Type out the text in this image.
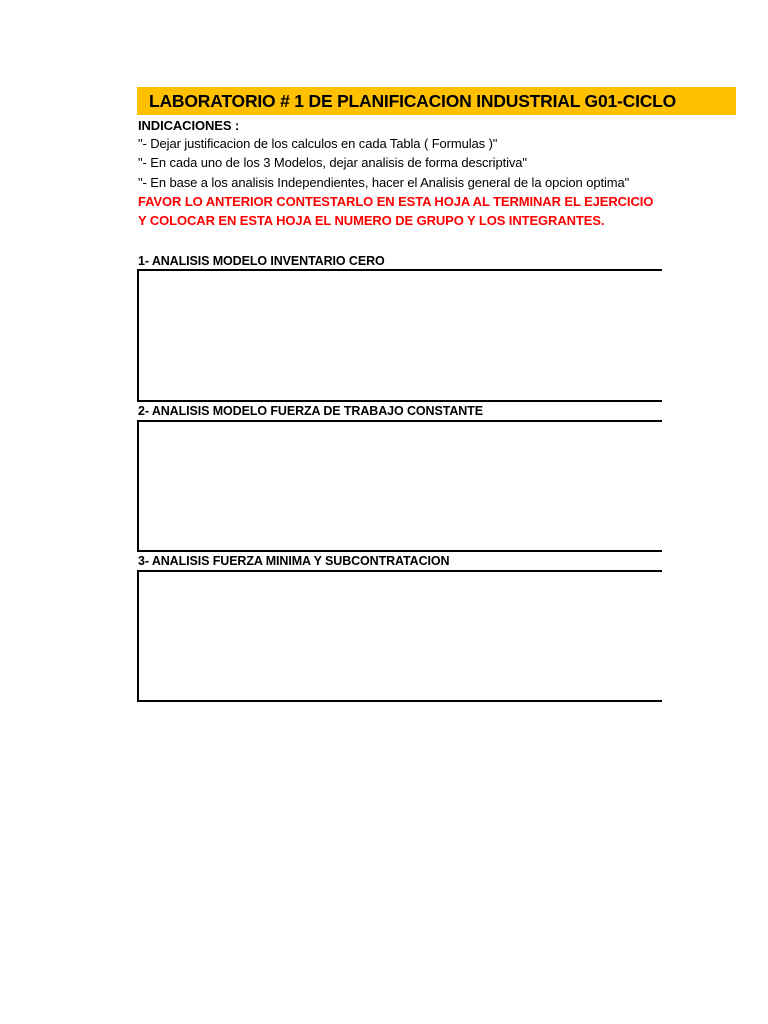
LABORATORIO # 1 DE PLANIFICACION INDUSTRIAL G01-CICLO
INDICACIONES :
"- Dejar justificacion de los calculos en cada Tabla ( Formulas )"
"- En cada uno de los 3 Modelos, dejar analisis de forma descriptiva"
"- En base a los analisis Independientes, hacer el Analisis general de la opcion optima"
FAVOR LO ANTERIOR CONTESTARLO EN ESTA HOJA AL TERMINAR EL EJERCICIO
Y COLOCAR EN ESTA HOJA EL NUMERO DE GRUPO Y LOS INTEGRANTES.
1- ANALISIS MODELO INVENTARIO CERO
2- ANALISIS MODELO FUERZA DE TRABAJO CONSTANTE
3- ANALISIS FUERZA MINIMA Y SUBCONTRATACION
